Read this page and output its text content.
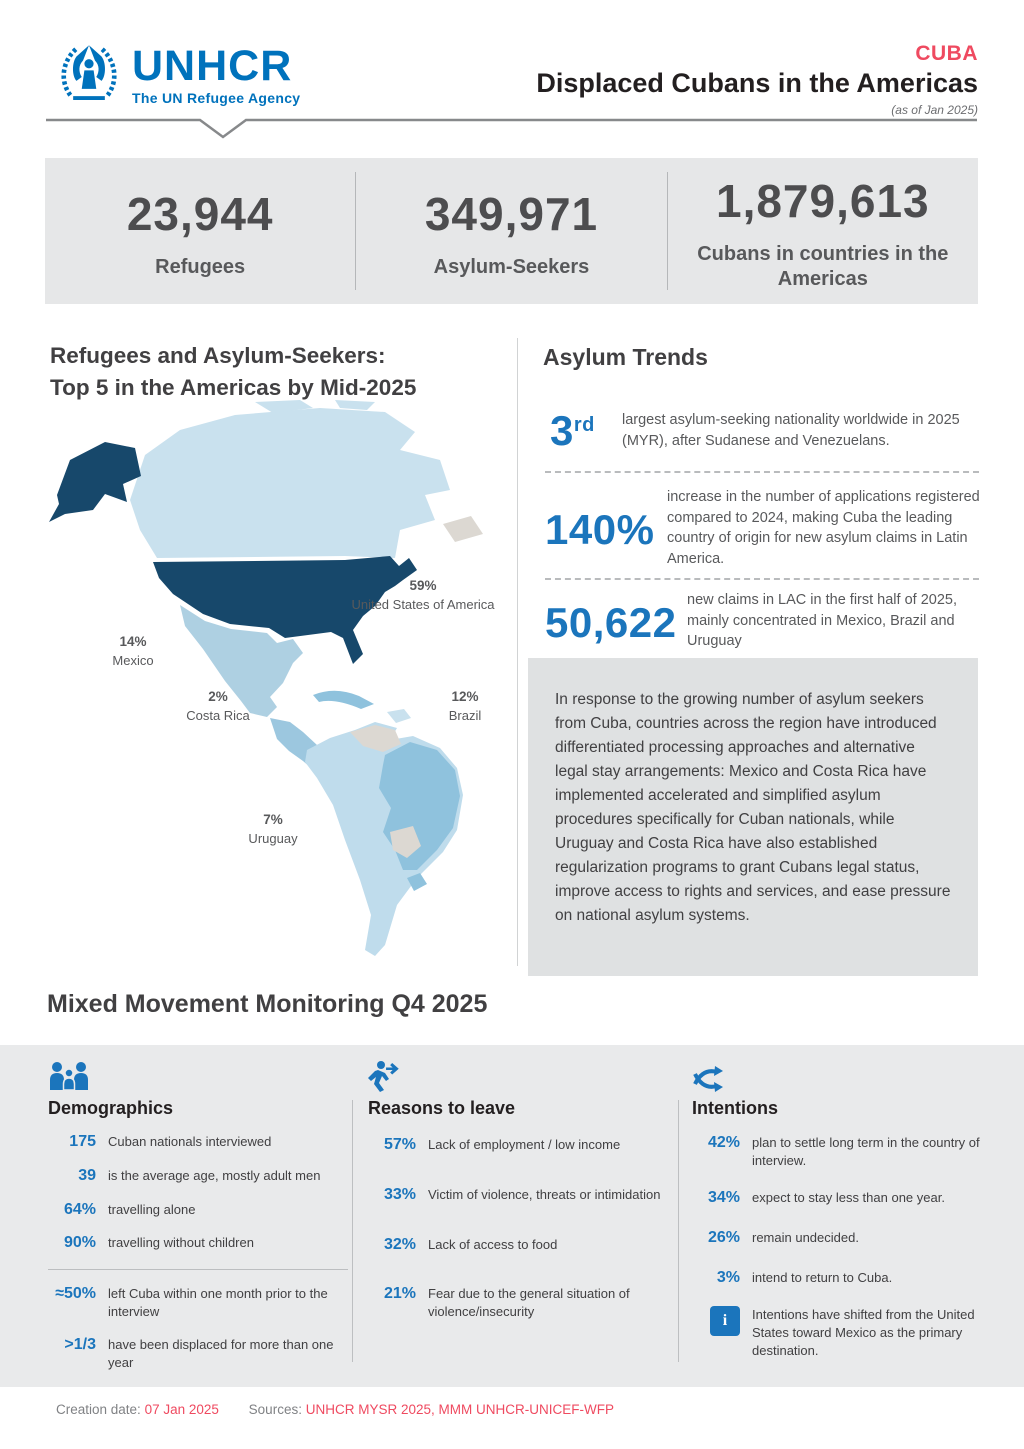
UNHCR
The UN Refugee Agency
CUBA
Displaced Cubans in the Americas
(as of Jan 2025)
23,944
Refugees
349,971
Asylum-Seekers
1,879,613
Cubans in countries in the Americas
Refugees and Asylum-Seekers:
Top 5 in the Americas by Mid-2025
59%
United States of America
14%
Mexico
2%
Costa Rica
12%
Brazil
7%
Uruguay
Asylum Trends
3rd	largest asylum-seeking nationality worldwide in 2025 (MYR), after Sudanese and Venezuelans.
140%
increase in the number of applications registered compared to 2024, making Cuba the leading country of origin for new asylum claims in Latin America.
50,622 new claims in LAC in the first half of 2025, mainly concentrated in Mexico, Brazil and Uruguay
In response to the growing number of asylum seekers from Cuba, countries across the region have introduced differentiated processing approaches and alternative legal stay arrangements: Mexico and Costa Rica have implemented accelerated and simplified asylum procedures specifically for Cuban nationals, while Uruguay and Costa Rica have also established regularization programs to grant Cubans legal status, improve access to rights and services, and ease pressure on national asylum systems.
Mixed Movement Monitoring Q4 2025
Demographics
175 Cuban nationals interviewed
39 is the average age, mostly adult men
64% travelling alone
90% travelling without children
≈50% left Cuba within one month prior to the interview
>1/3 have been displaced for more than one year
Reasons to leave
57% Lack of employment / low income
33% Victim of violence, threats or intimidation
32% Lack of access to food
21% Fear due to the general situation of violence/insecurity
Intentions
42% plan to settle long term in the country of interview.
34% expect to stay less than one year.
26% remain undecided.
3% intend to return to Cuba.
i Intentions have shifted from the United States toward Mexico as the primary destination.
Creation date: 07 Jan 2025 Sources: UNHCR MYSR 2025, MMM UNHCR-UNICEF-WFP
